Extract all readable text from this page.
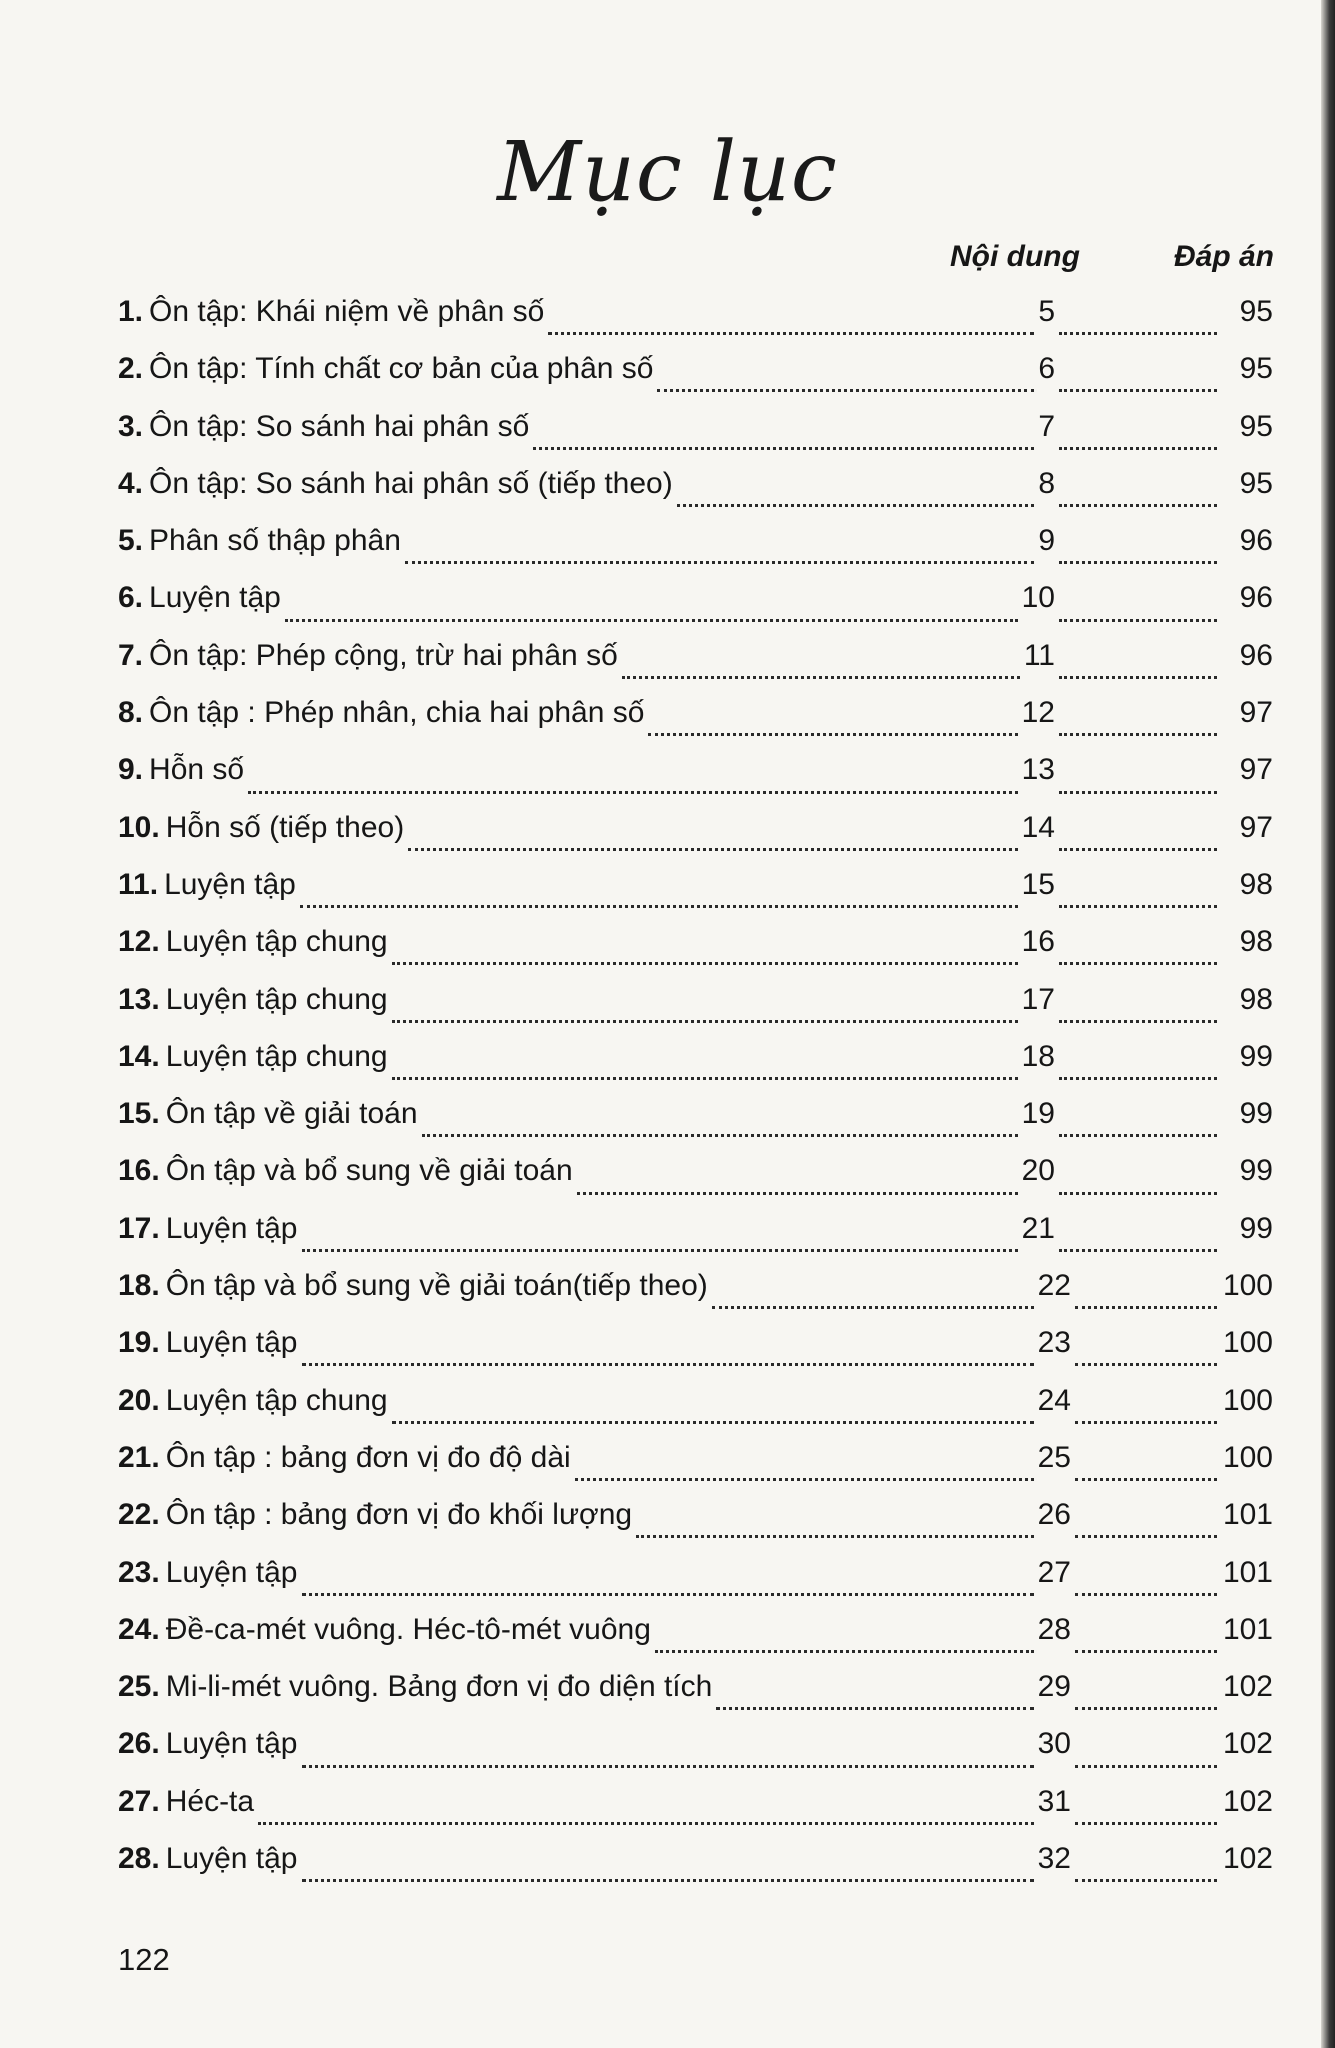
Mục lục
Nội dung	Đáp án
1. Ôn tập: Khái niệm về phân số	5	95
2. Ôn tập: Tính chất cơ bản của phân số	6	95
3. Ôn tập: So sánh hai phân số	7	95
4. Ôn tập: So sánh hai phân số (tiếp theo)	8	95
5. Phân số thập phân	9	96
6. Luyện tập	10	96
7. Ôn tập: Phép cộng, trừ hai phân số	11	96
8. Ôn tập : Phép nhân, chia hai phân số	12	97
9. Hỗn số	13	97
10. Hỗn số (tiếp theo)	14	97
11. Luyện tập	15	98
12. Luyện tập chung	16	98
13. Luyện tập chung	17	98
14. Luyện tập chung	18	99
15. Ôn tập về giải toán	19	99
16. Ôn tập và bổ sung về giải toán	20	99
17. Luyện tập	21	99
18. Ôn tập và bổ sung về giải toán(tiếp theo)	22	100
19. Luyện tập	23	100
20. Luyện tập chung	24	100
21. Ôn tập : bảng đơn vị đo độ dài	25	100
22. Ôn tập : bảng đơn vị đo khối lượng	26	101
23. Luyện tập	27	101
24. Đề-ca-mét vuông. Héc-tô-mét vuông	28	101
25. Mi-li-mét vuông. Bảng đơn vị đo diện tích	29	102
26. Luyện tập	30	102
27. Héc-ta	31	102
28. Luyện tập	32	102
122
